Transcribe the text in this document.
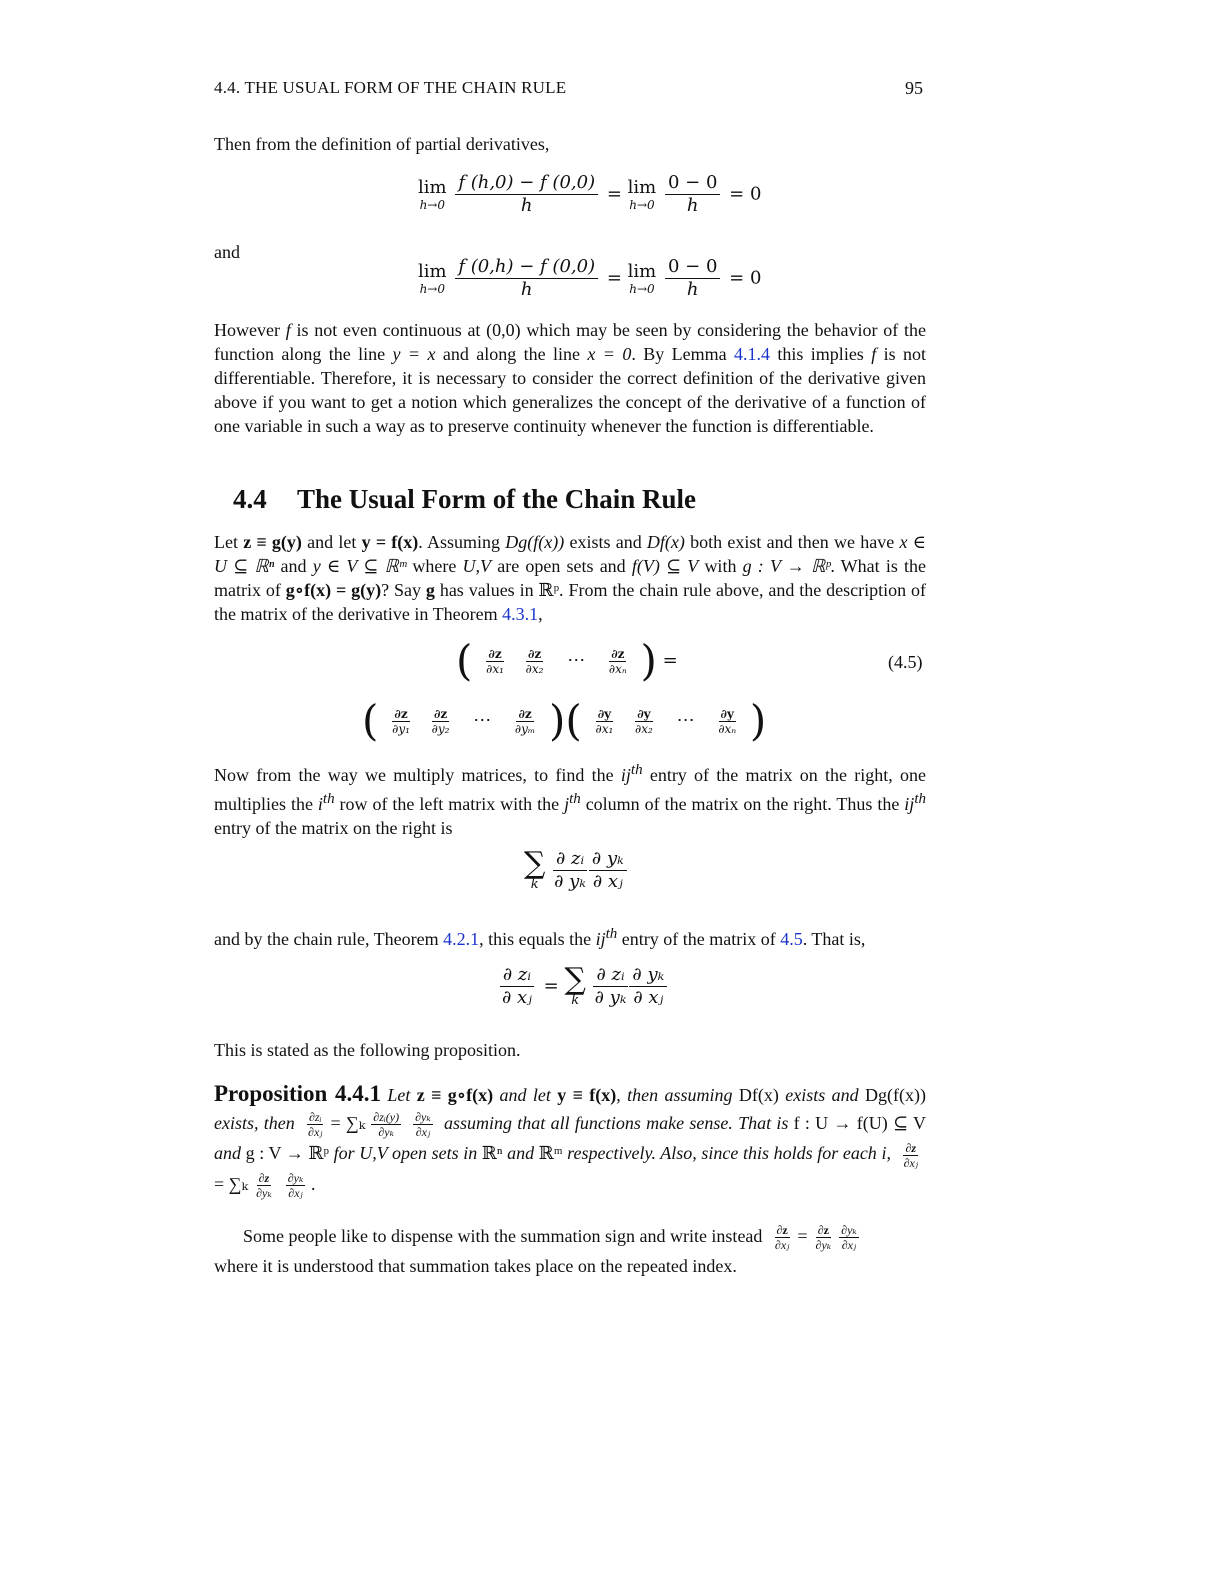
4.4. THE USUAL FORM OF THE CHAIN RULE	95
Then from the definition of partial derivatives,
lim
h→0
$\frac{f (h,0) - f (0,0)}{h} = \lim$
h→0
$\frac{0 - 0}{h} = 0$
and
lim
h→0
$\frac{f (0,h) - f (0,0)}{h} = \lim$
h→0
$\frac{0 - 0}{h} = 0$
However f is not even continuous at (0,0) which may be seen by considering the behavior of the function along the line y = x and along the line x = 0. By Lemma 4.1.4 this implies f is not differentiable. Therefore, it is necessary to consider the correct definition of the derivative given above if you want to get a notion which generalizes the concept of the derivative of a function of one variable in such a way as to preserve continuity whenever the function is differentiable.
4.4 The Usual Form of the Chain Rule
Let z ≡ g(y) and let y = f(x). Assuming Dg(f(x)) exists and Df(x) both exist and then we have x ∈ U ⊆ ℝⁿ and y ∈ V ⊆ ℝᵐ where U,V are open sets and f(V) ⊆ V with g : V → ℝᵖ. What is the matrix of g∘f(x) = g(y)? Say g has values in ℝᵖ. From the chain rule above, and the description of the matrix of the derivative in Theorem 4.3.1,
( $\frac{\partial z}{\text{∂x₁}}$
$\frac{\partial z}{\text{∂x₂}}$ ⋯ $\frac{\partial z}{\text{∂xₙ}}$ ) =	(4.5)
( $\frac{\partial z}{\text{∂y₁}}$
$\frac{\partial z}{\text{∂y₂}}$ ⋯ $\frac{\partial z}{\text{∂yₘ}}$ )( $\frac{\partial y}{\text{∂x₁}}$
$\frac{\partial y}{\text{∂x₂}}$ ⋯ $\frac{\partial y}{\text{∂xₙ}}$ )
Now from the way we multiply matrices, to find the $ij^{th}$ entry of the matrix on the right, one multiplies the $i^{th}$ row of the left matrix with the $j^{th}$ column of the matrix on the right. Thus the $ij^{th}$ entry of the matrix on the right is
∑
k
$\frac{\text{∂ zᵢ}}{\text{∂ yₖ}} \frac{\text{∂ yₖ}}{\text{∂ xⱼ}}$
and by the chain rule, Theorem 4.2.1, this equals the $ij^{th}$ entry of the matrix of 4.5. That is,
$\frac{\text{∂ zᵢ}}{\text{∂ xⱼ}}$ = ∑
k
$\frac{\text{∂ zᵢ}}{\text{∂ yₖ}} \frac{\text{∂ yₖ}}{\text{∂ xⱼ}}$
This is stated as the following proposition.
Proposition 4.4.1 Let z ≡ g∘f(x) and let y ≡ f(x), then assuming Df(x) exists and Dg(f(x)) exists, then $\frac{\text{∂zᵢ}}{\text{∂xⱼ}} = \sum_k \frac{\text{∂zᵢ(y)}}{\text{∂yₖ}} \frac{\text{∂yₖ}}{\text{∂xⱼ}}$ assuming that all functions make sense. That is f : U → f(U) ⊆ V and g : V → ℝᵖ for U,V open sets in ℝⁿ and ℝᵐ respectively. Also, since this holds for each i, $\frac{\partial z}{\text{∂xⱼ}}$
= $\sum_k \frac{\partial z}{\text{∂yₖ}} \frac{\text{∂yₖ}}{\text{∂xⱼ}}$ .
Some people like to dispense with the summation sign and write instead $\frac{\partial z}{\text{∂xⱼ}} = \frac{\partial z}{\text{∂yₖ}} \frac{\text{∂yₖ}}{\text{∂xⱼ}}$

where it is understood that summation takes place on the repeated index.
